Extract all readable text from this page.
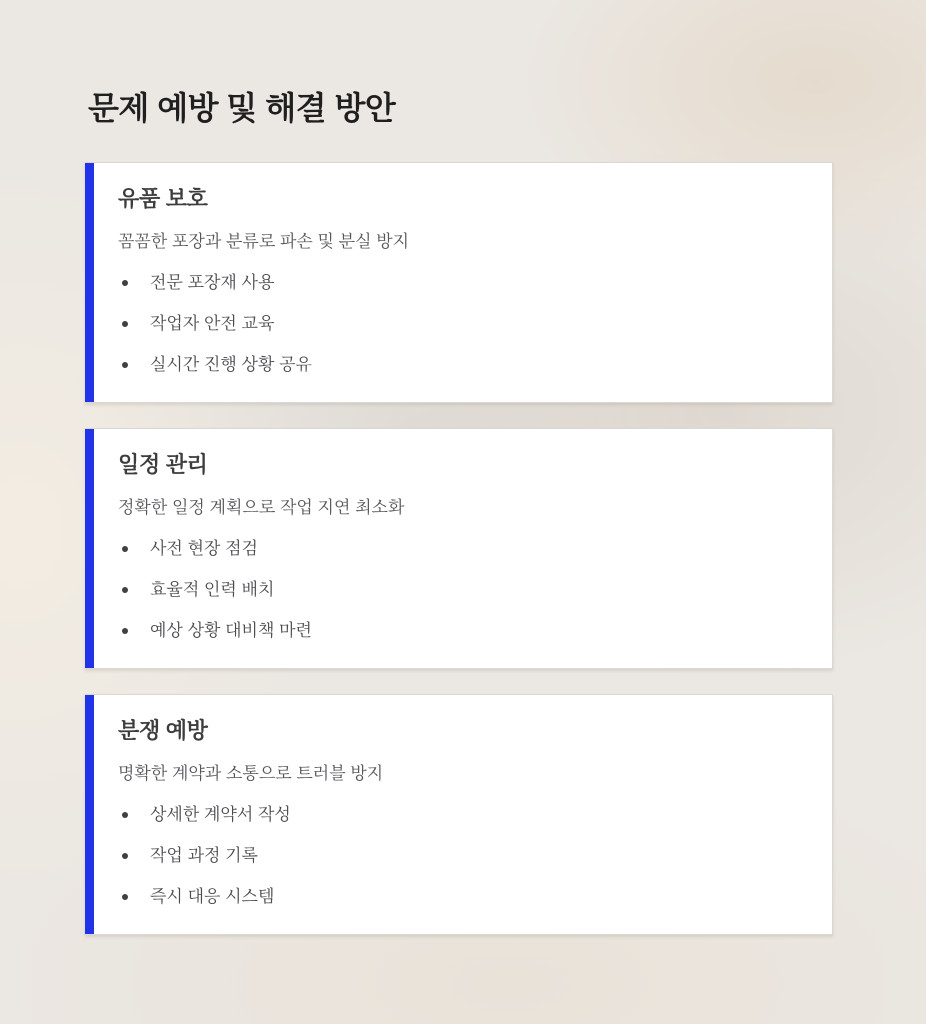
문제 예방 및 해결 방안
유품 보호

꼼꼼한 포장과 분류로 파손 및 분실 방지

전문 포장재 사용
작업자 안전 교육
실시간 진행 상황 공유
일정 관리

정확한 일정 계획으로 작업 지연 최소화

사전 현장 점검
효율적 인력 배치
예상 상황 대비책 마련
분쟁 예방

명확한 계약과 소통으로 트러블 방지

상세한 계약서 작성
작업 과정 기록
즉시 대응 시스템
